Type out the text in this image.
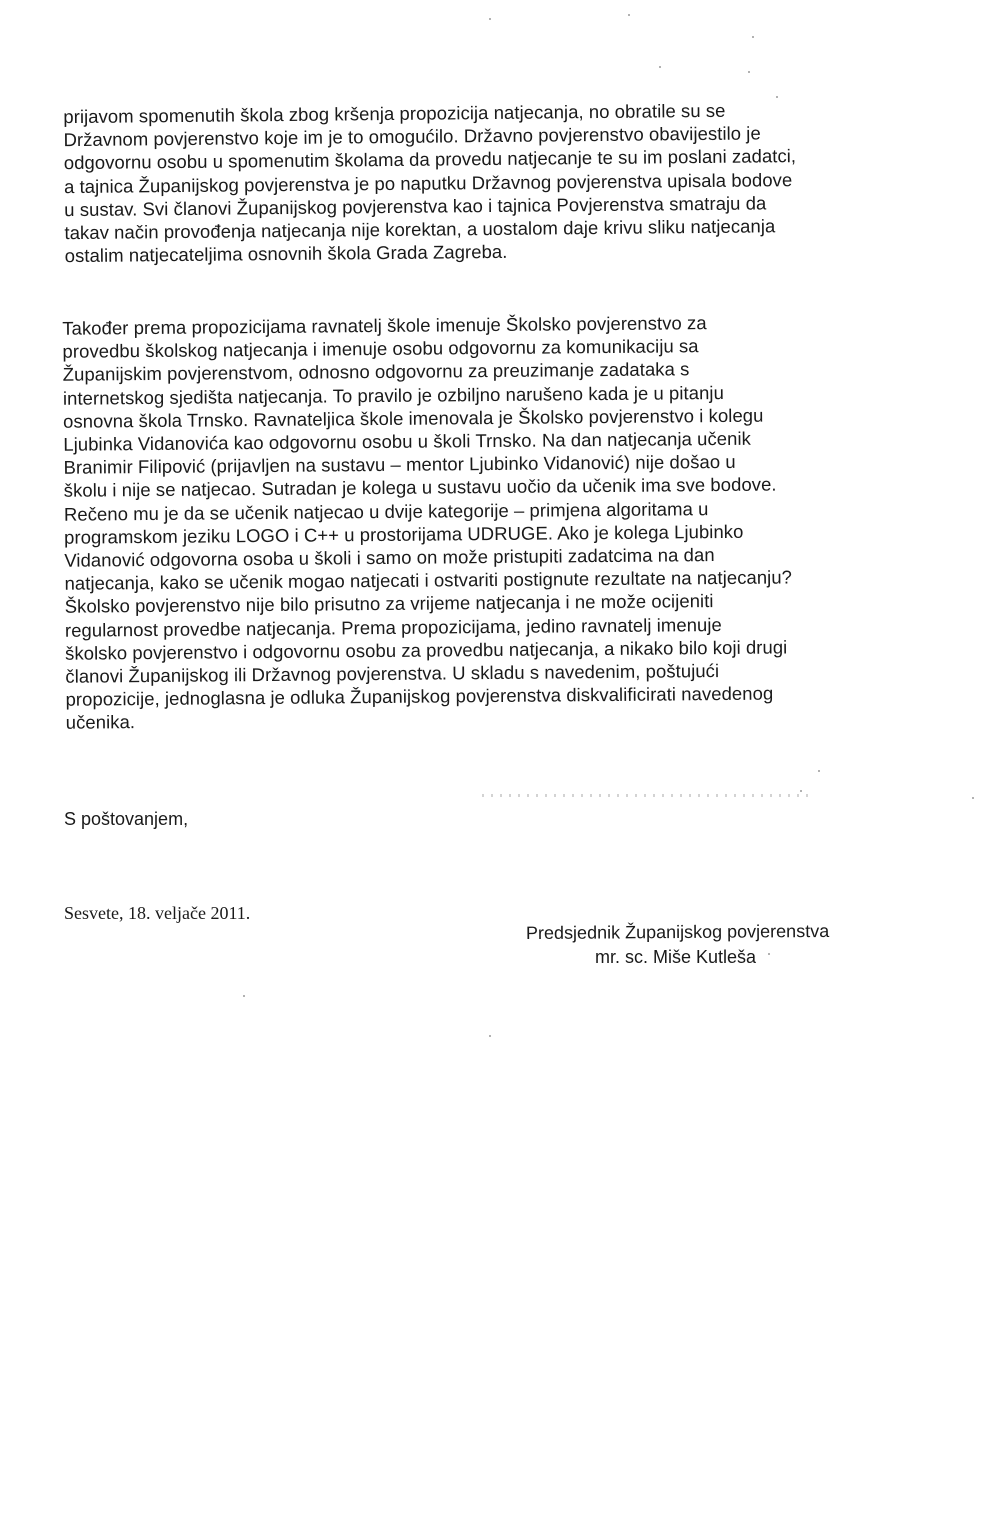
prijavom spomenutih škola zbog kršenja propozicija natjecanja, no obratile su se
Državnom povjerenstvo koje im je to omogućilo. Državno povjerenstvo obavijestilo je
odgovornu osobu u spomenutim školama da provedu natjecanje te su im poslani zadatci,
a tajnica Županijskog povjerenstva je po naputku Državnog povjerenstva upisala bodove
u sustav. Svi članovi Županijskog povjerenstva kao i tajnica Povjerenstva smatraju da
takav način provođenja natjecanja nije korektan, a uostalom daje krivu sliku natjecanja
ostalim natjecateljima osnovnih škola Grada Zagreba.
Također prema propozicijama ravnatelj škole imenuje Školsko povjerenstvo za
provedbu školskog natjecanja i imenuje osobu odgovornu za komunikaciju sa
Županijskim povjerenstvom, odnosno odgovornu za preuzimanje zadataka s
internetskog sjedišta natjecanja. To pravilo je ozbiljno narušeno kada je u pitanju
osnovna škola Trnsko. Ravnateljica škole imenovala je Školsko povjerenstvo i kolegu
Ljubinka Vidanovića kao odgovornu osobu u školi Trnsko. Na dan natjecanja učenik
Branimir Filipović (prijavljen na sustavu – mentor Ljubinko Vidanović) nije došao u
školu i nije se natjecao. Sutradan je kolega u sustavu uočio da učenik ima sve bodove.
Rečeno mu je da se učenik natjecao u dvije kategorije – primjena algoritama u
programskom jeziku LOGO i C++ u prostorijama UDRUGE. Ako je kolega Ljubinko
Vidanović odgovorna osoba u školi i samo on može pristupiti zadatcima na dan
natjecanja, kako se učenik mogao natjecati i ostvariti postignute rezultate na natjecanju?
Školsko povjerenstvo nije bilo prisutno za vrijeme natjecanja i ne može ocijeniti
regularnost provedbe natjecanja. Prema propozicijama, jedino ravnatelj imenuje
školsko povjerenstvo i odgovornu osobu za provedbu natjecanja, a nikako bilo koji drugi
članovi Županijskog ili Državnog povjerenstva. U skladu s navedenim, poštujući
propozicije, jednoglasna je odluka Županijskog povjerenstva diskvalificirati navedenog
učenika.
S poštovanjem,
Sesvete, 18. veljače 2011.
Predsjednik Županijskog povjerenstva
mr. sc. Miše Kutleša
